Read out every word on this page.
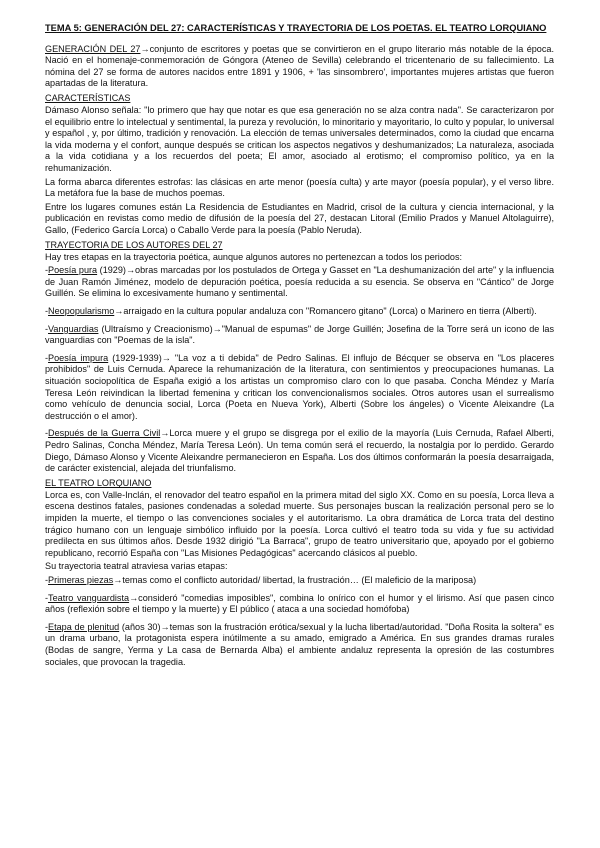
TEMA 5: GENERACIÓN DEL 27: CARACTERÍSTICAS Y TRAYECTORIA DE LOS POETAS. EL TEATRO LORQUIANO

GENERACIÓN DEL 27→conjunto de escritores y poetas que se convirtieron en el grupo literario más notable de la época. Nació en el homenaje-conmemoración de Góngora (Ateneo de Sevilla) celebrando el tricentenario de su fallecimiento. La nómina del 27 se forma de autores nacidos entre 1891 y 1906, + 'las sinsombrero', importantes mujeres artistas que fueron apartadas de la literatura.

CARACTERÍSTICAS

Dámaso Alonso señala: "lo primero que hay que notar es que esa generación no se alza contra nada". Se caracterizaron por el equilibrio entre lo intelectual y sentimental, la pureza y revolución, lo minoritario y mayoritario, lo culto y popular, lo universal y español , y, por último, tradición y renovación. La elección de temas universales determinados, como la ciudad que encarna la vida moderna y el confort, aunque después se critican los aspectos negativos y deshumanizados; La naturaleza, asociada a la vida cotidiana y a los recuerdos del poeta; El amor, asociado al erotismo; el compromiso político, ya en la rehumanización.

La forma abarca diferentes estrofas: las clásicas en arte menor (poesía culta) y arte mayor (poesía popular), y el verso libre. La metáfora fue la base de muchos poemas.

Entre los lugares comunes están La Residencia de Estudiantes en Madrid, crisol de la cultura y ciencia internacional, y la publicación en revistas como medio de difusión de la poesía del 27, destacan Litoral (Emilio Prados y Manuel Altolaguirre), Gallo, (Federico García Lorca) o Caballo Verde para la poesía (Pablo Neruda).

TRAYECTORIA DE LOS AUTORES DEL 27

Hay tres etapas en la trayectoria poética, aunque algunos autores no pertenezcan a todos los periodos:

-Poesía pura (1929)→obras marcadas por los postulados de Ortega y Gasset en "La deshumanización del arte" y la influencia de Juan Ramón Jiménez, modelo de depuración poética, poesía reducida a su esencia. Se observa en "Cántico" de Jorge Guillén. Se elimina lo excesivamente humano y sentimental.

-Neopopularismo→arraigado en la cultura popular andaluza con "Romancero gitano" (Lorca) o Marinero en tierra (Alberti).

-Vanguardias (Ultraísmo y Creacionismo)→"Manual de espumas" de Jorge Guillén; Josefina de la Torre será un icono de las vanguardias con "Poemas de la isla".

-Poesía impura (1929-1939)→ "La voz a ti debida" de Pedro Salinas. El influjo de Bécquer se observa en "Los placeres prohibidos" de Luis Cernuda. Aparece la rehumanización de la literatura, con sentimientos y preocupaciones humanas. La situación sociopolítica de España exigió a los artistas un compromiso claro con lo que pasaba. Concha Méndez y María Teresa León reivindican la libertad femenina y critican los convencionalismos sociales. Otros autores usan el surrealismo como vehículo de denuncia social, Lorca (Poeta en Nueva York), Alberti (Sobre los ángeles) o Vicente Aleixandre (La destrucción o el amor).

-Después de la Guerra Civil→Lorca muere y el grupo se disgrega por el exilio de la mayoría (Luis Cernuda, Rafael Alberti, Pedro Salinas, Concha Méndez, María Teresa León). Un tema común será el recuerdo, la nostalgia por lo perdido. Gerardo Diego, Dámaso Alonso y Vicente Aleixandre permanecieron en España. Los dos últimos conformarán la poesía desarraigada, de carácter existencial, alejada del triunfalismo.

EL TEATRO LORQUIANO

Lorca es, con Valle-Inclán, el renovador del teatro español en la primera mitad del siglo XX. Como en su poesía, Lorca lleva a escena destinos fatales, pasiones condenadas a soledad muerte. Sus personajes buscan la realización personal pero se lo impiden la muerte, el tiempo o las convenciones sociales y el autoritarismo. La obra dramática de Lorca trata del destino trágico humano con un lenguaje simbólico influido por la poesía. Lorca cultivó el teatro toda su vida y fue su actividad predilecta en sus últimos años. Desde 1932 dirigió "La Barraca", grupo de teatro universitario que, apoyado por el gobierno republicano, recorrió España con "Las Misiones Pedagógicas" acercando clásicos al pueblo.

Su trayectoria teatral atraviesa varias etapas:

-Primeras piezas→temas como el conflicto autoridad/ libertad, la frustración… (El maleficio de la mariposa)

-Teatro vanguardista→consideró "comedias imposibles", combina lo onírico con el humor y el lirismo. Así que pasen cinco años (reflexión sobre el tiempo y la muerte) y El público ( ataca a una sociedad homófoba)

-Etapa de plenitud (años 30)→temas son la frustración erótica/sexual y la lucha libertad/autoridad. "Doña Rosita la soltera" es un drama urbano, la protagonista espera inútilmente a su amado, emigrado a América. En sus grandes dramas rurales (Bodas de sangre, Yerma y La casa de Bernarda Alba) el ambiente andaluz representa la opresión de las costumbres sociales, que provocan la tragedia.
